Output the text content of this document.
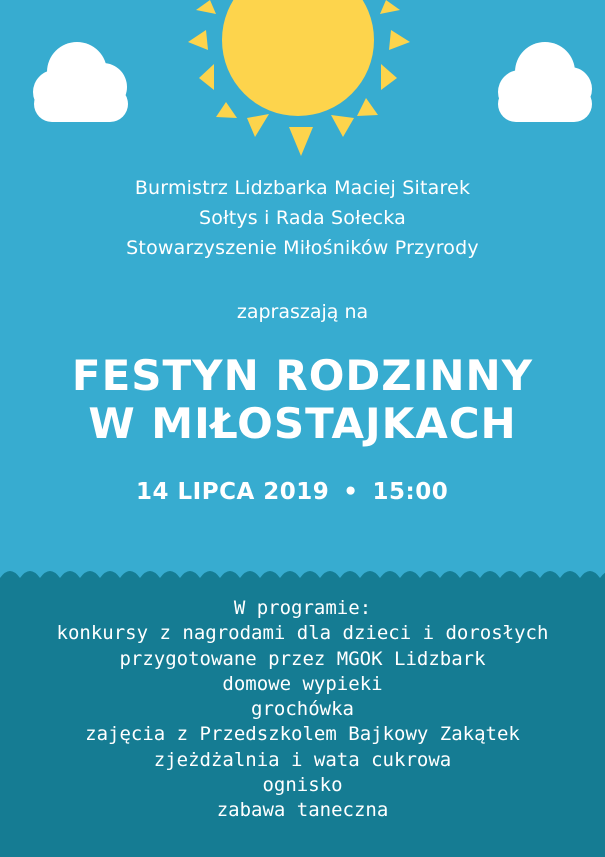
Burmistrz Lidzbarka Maciej Sitarek
Sołtys i Rada Sołecka
Stowarzyszenie Miłośników Przyrody
zapraszają na
FESTYN RODZINNY
W MIŁOSTAJKACH
14 LIPCA 2019 • 15:00
W programie:
konkursy z nagrodami dla dzieci i dorosłych
przygotowane przez MGOK Lidzbark
domowe wypieki
grochówka
zajęcia z Przedszkolem Bajkowy Zakątek
zjeżdżalnia i wata cukrowa
ognisko
zabawa taneczna
